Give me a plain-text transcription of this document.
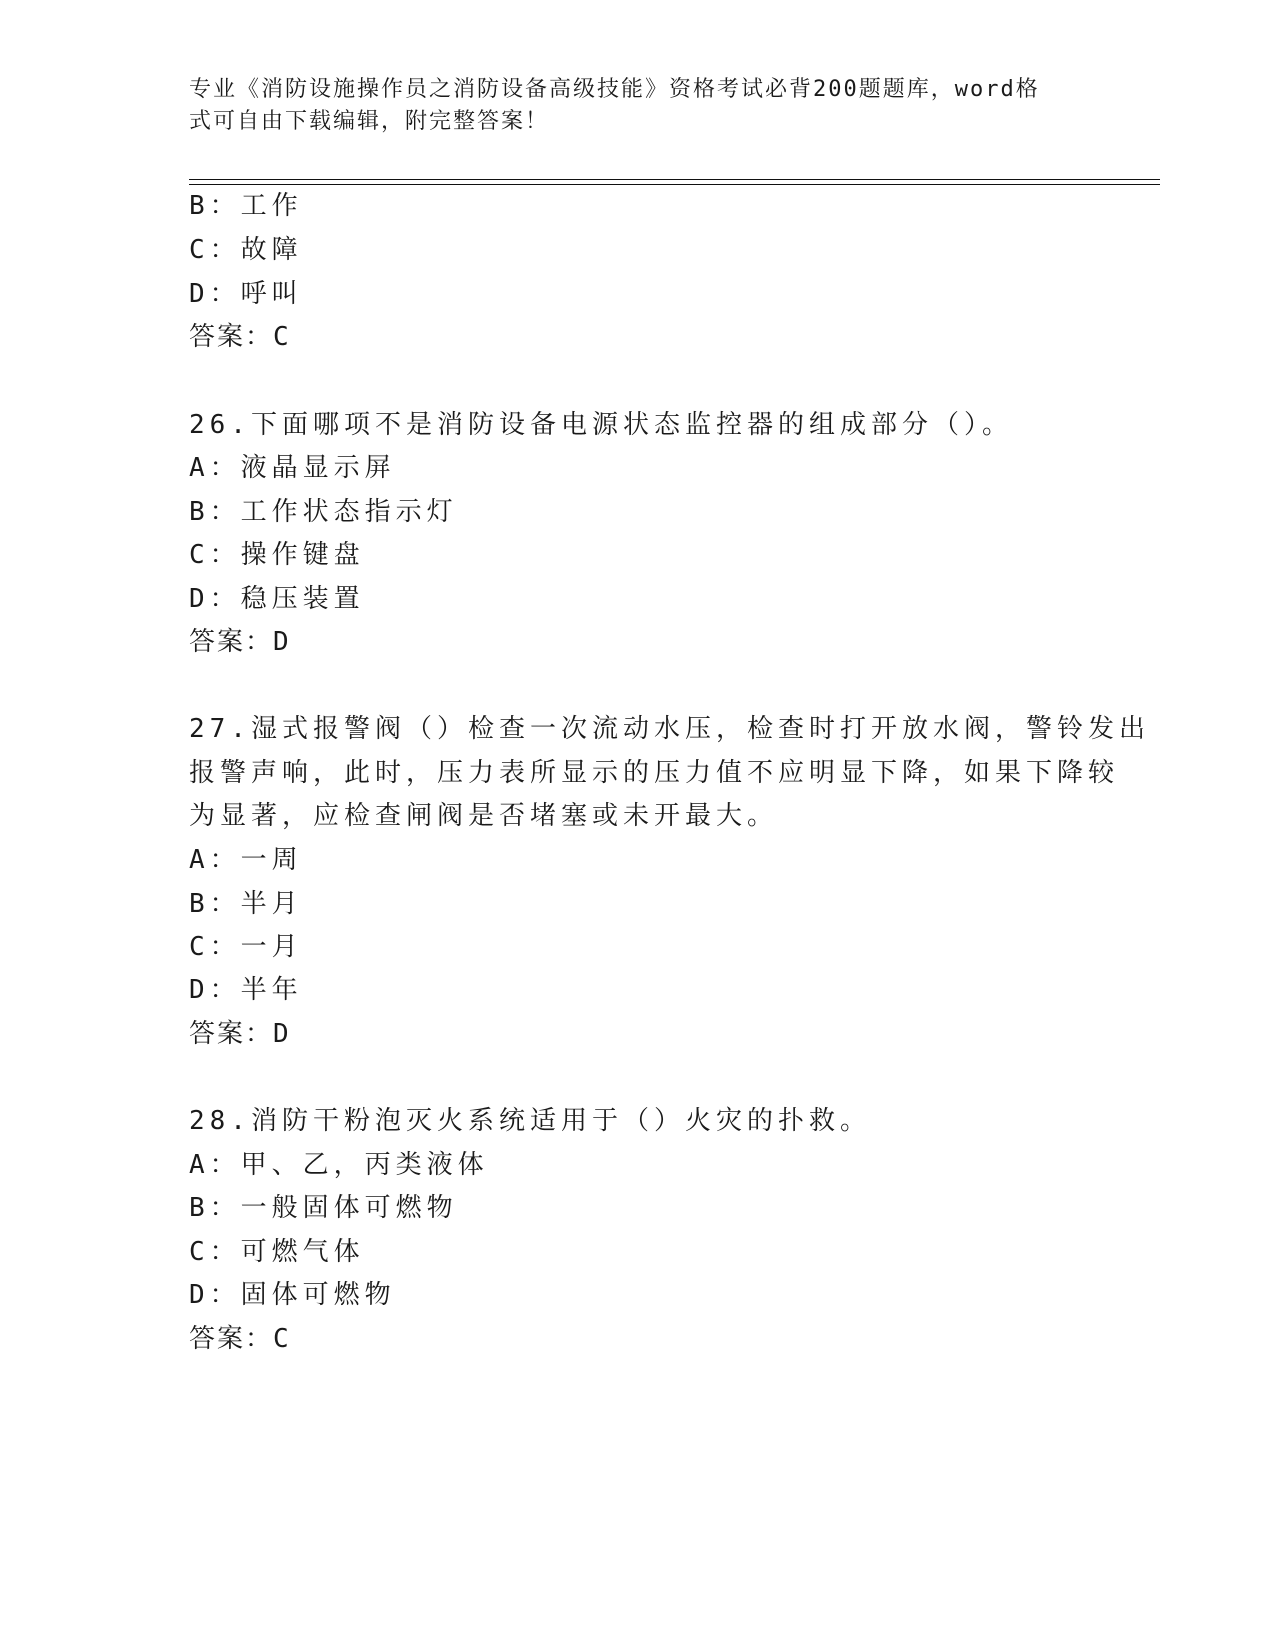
专业《消防设施操作员之消防设备高级技能》资格考试必背200题题库，word格
式可自由下载编辑，附完整答案！
B：工作
C：故障
D：呼叫
答案：C
26.下面哪项不是消防设备电源状态监控器的组成部分（）。
A：液晶显示屏
B：工作状态指示灯
C：操作键盘
D：稳压装置
答案：D
27.湿式报警阀（）检查一次流动水压，检查时打开放水阀，警铃发出
报警声响，此时，压力表所显示的压力值不应明显下降，如果下降较
为显著，应检查闸阀是否堵塞或未开最大。
A：一周
B：半月
C：一月
D：半年
答案：D
28.消防干粉泡灭火系统适用于（）火灾的扑救。
A：甲、乙，丙类液体
B：一般固体可燃物
C：可燃气体
D：固体可燃物
答案：C
